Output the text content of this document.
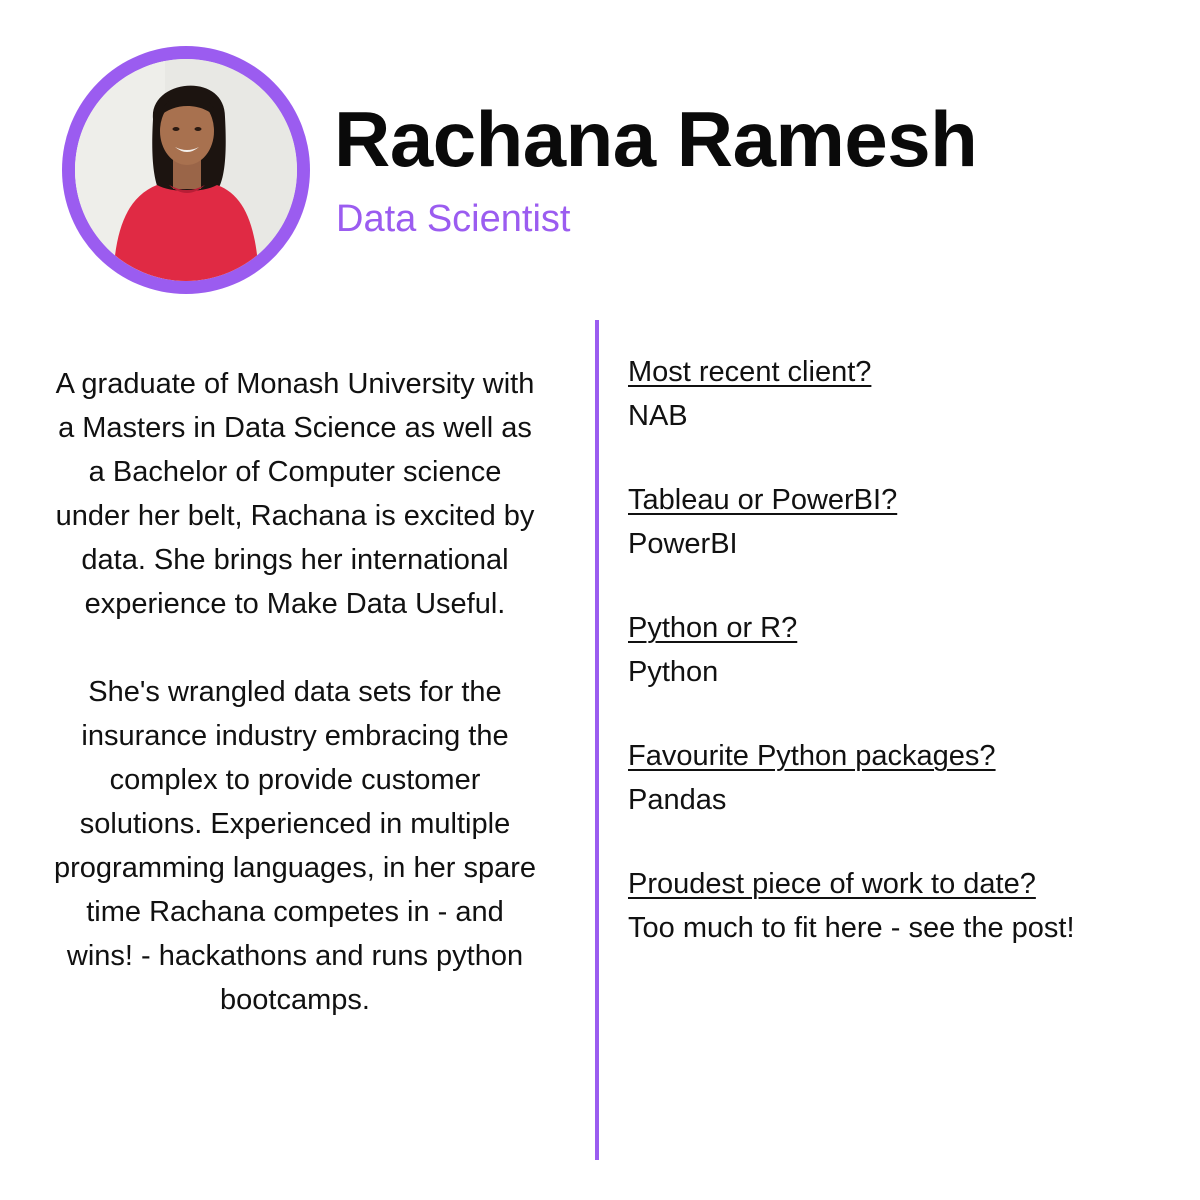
Rachana Ramesh
Data Scientist

A graduate of Monash University with a Masters in Data Science as well as a Bachelor of Computer science under her belt, Rachana is excited by data. She brings her international experience to Make Data Useful.

She's wrangled data sets for the insurance industry embracing the complex to provide customer solutions. Experienced in multiple programming languages, in her spare time Rachana competes in - and wins! - hackathons and runs python bootcamps.

Most recent client?
NAB
Tableau or PowerBI?
PowerBI
Python or R?
Python
Favourite Python packages?
Pandas
Proudest piece of work to date?
Too much to fit here - see the post!
